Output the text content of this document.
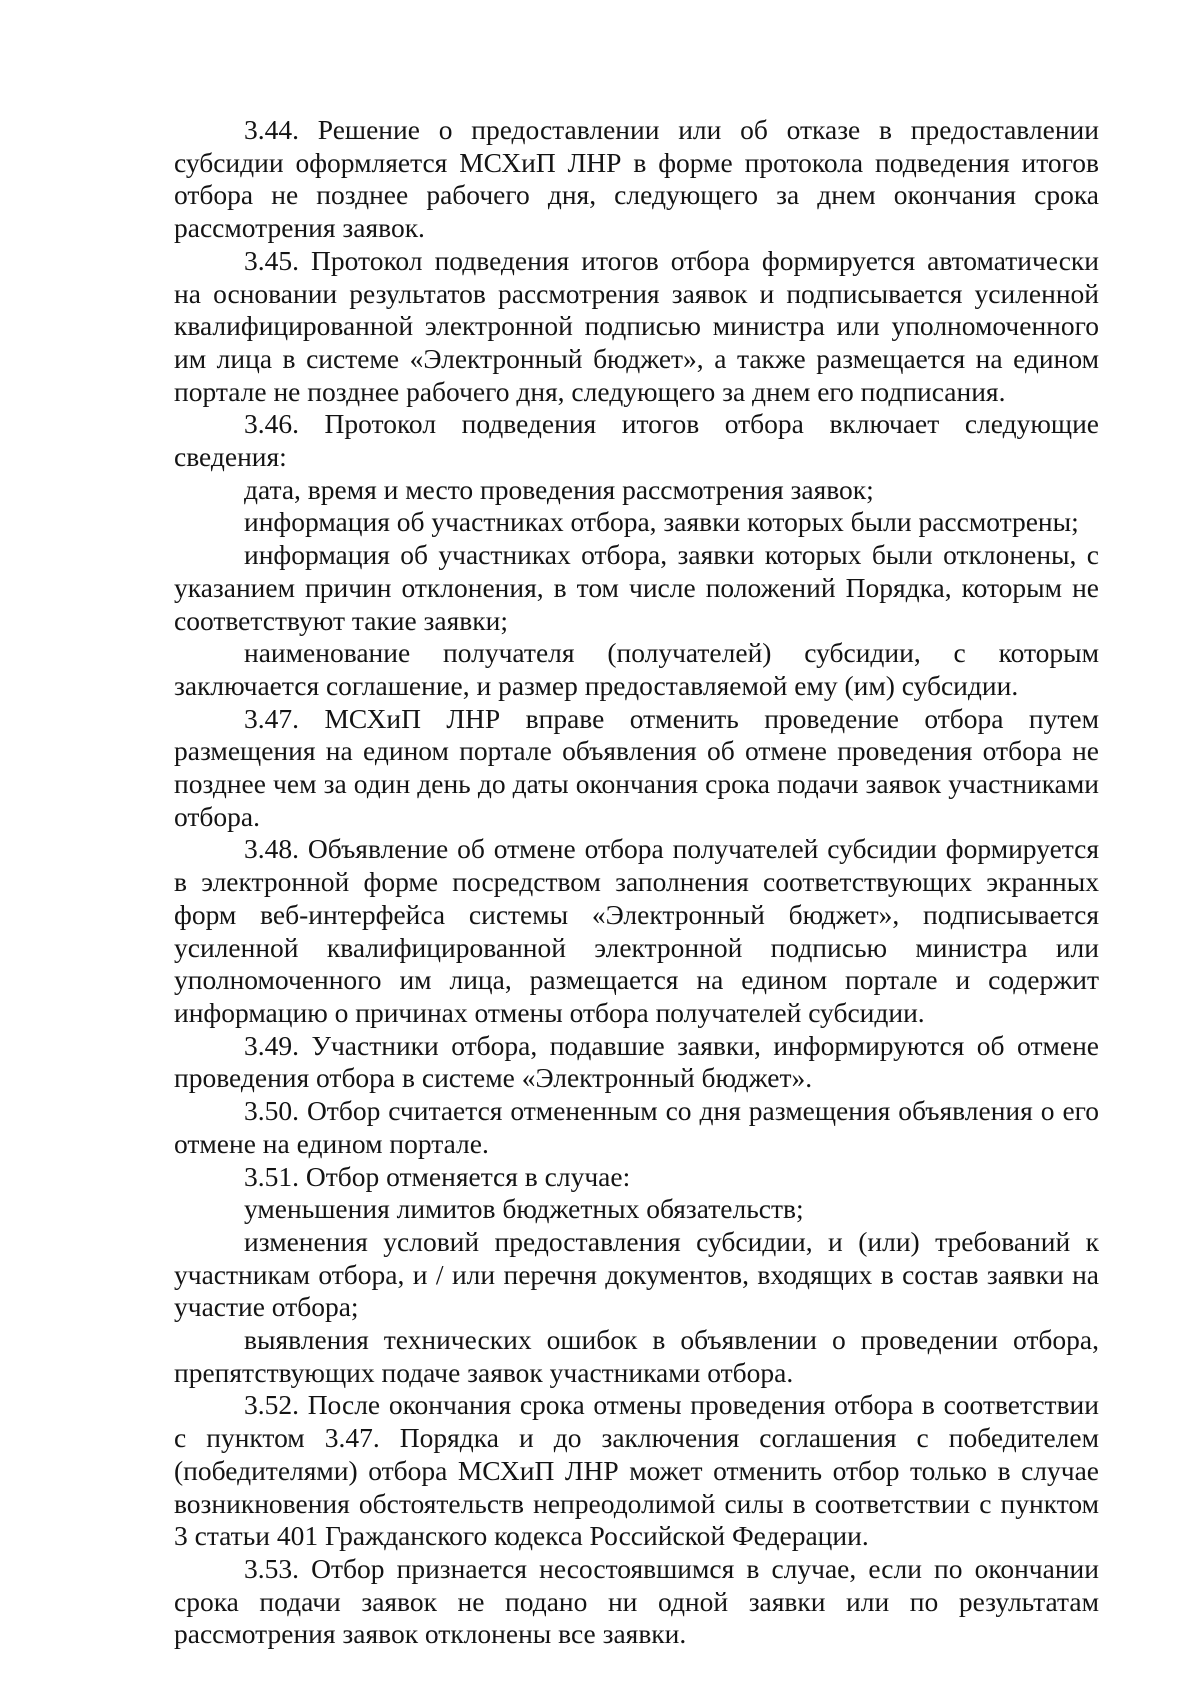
3.44. Решение о предоставлении или об отказе в предоставлении субсидии оформляется МСХиП ЛНР в форме протокола подведения итогов отбора не позднее рабочего дня, следующего за днем окончания срока рассмотрения заявок.

3.45. Протокол подведения итогов отбора формируется автоматически на основании результатов рассмотрения заявок и подписывается усиленной квалифицированной электронной подписью министра или уполномоченного им лица в системе «Электронный бюджет», а также размещается на едином портале не позднее рабочего дня, следующего за днем его подписания.

3.46. Протокол подведения итогов отбора включает следующие сведения:

дата, время и место проведения рассмотрения заявок;

информация об участниках отбора, заявки которых были рассмотрены;

информация об участниках отбора, заявки которых были отклонены, с указанием причин отклонения, в том числе положений Порядка, которым не соответствуют такие заявки;

наименование получателя (получателей) субсидии, с которым заключается соглашение, и размер предоставляемой ему (им) субсидии.

3.47. МСХиП ЛНР вправе отменить проведение отбора путем размещения на едином портале объявления об отмене проведения отбора не позднее чем за один день до даты окончания срока подачи заявок участниками отбора.

3.48. Объявление об отмене отбора получателей субсидии формируется в электронной форме посредством заполнения соответствующих экранных форм веб-интерфейса системы «Электронный бюджет», подписывается усиленной квалифицированной электронной подписью министра или уполномоченного им лица, размещается на едином портале и содержит информацию о причинах отмены отбора получателей субсидии.

3.49. Участники отбора, подавшие заявки, информируются об отмене проведения отбора в системе «Электронный бюджет».

3.50. Отбор считается отмененным со дня размещения объявления о его отмене на едином портале.

3.51. Отбор отменяется в случае:

уменьшения лимитов бюджетных обязательств;

изменения условий предоставления субсидии, и (или) требований к участникам отбора, и / или перечня документов, входящих в состав заявки на участие отбора;

выявления технических ошибок в объявлении о проведении отбора, препятствующих подаче заявок участниками отбора.

3.52. После окончания срока отмены проведения отбора в соответствии с пунктом 3.47. Порядка и до заключения соглашения с победителем (победителями) отбора МСХиП ЛНР может отменить отбор только в случае возникновения обстоятельств непреодолимой силы в соответствии с пунктом 3 статьи 401 Гражданского кодекса Российской Федерации.

3.53. Отбор признается несостоявшимся в случае, если по окончании срока подачи заявок не подано ни одной заявки или по результатам рассмотрения заявок отклонены все заявки.
